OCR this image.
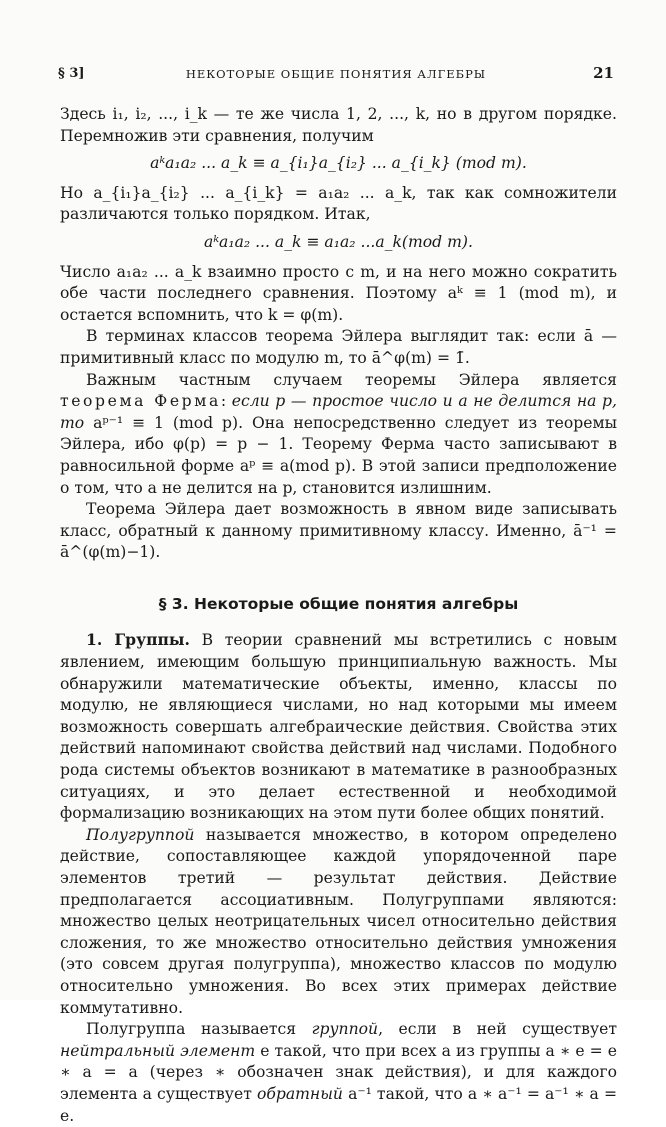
§ 3]	НЕКОТОРЫЕ ОБЩИЕ ПОНЯТИЯ АЛГЕБРЫ	21

Здесь i₁, i₂, ..., i_k — те же числа 1, 2, ..., k, но в другом порядке. Перемножив эти сравнения, получим

aᵏa₁a₂ ... a_k ≡ a_{i₁}a_{i₂} ... a_{i_k} (mod m).

Но a_{i₁}a_{i₂} ... a_{i_k} = a₁a₂ ... a_k, так как сомножители различаются только порядком. Итак,

aᵏa₁a₂ ... a_k ≡ a₁a₂ ...a_k(mod m).

Число a₁a₂ ... a_k взаимно просто с m, и на него можно сократить обе части последнего сравнения. Поэтому aᵏ ≡ 1 (mod m), и остается вспомнить, что k = φ(m).

В терминах классов теорема Эйлера выглядит так: если ā — примитивный класс по модулю m, то ā^φ(m) = 1̄.

Важным частным случаем теоремы Эйлера является теорема Ферма: если p — простое число и a не делится на p, то aᵖ⁻¹ ≡ 1 (mod p). Она непосредственно следует из теоремы Эйлера, ибо φ(p) = p − 1. Теорему Ферма часто записывают в равносильной форме aᵖ ≡ a(mod p). В этой записи предположение о том, что a не делится на p, становится излишним.

Теорема Эйлера дает возможность в явном виде записывать класс, обратный к данному примитивному классу. Именно, ā⁻¹ = ā^(φ(m)−1).

§ 3. Некоторые общие понятия алгебры

1. Группы. В теории сравнений мы встретились с новым явлением, имеющим большую принципиальную важность. Мы обнаружили математические объекты, именно, классы по модулю, не являющиеся числами, но над которыми мы имеем возможность совершать алгебраические действия. Свойства этих действий напоминают свойства действий над числами. Подобного рода системы объектов возникают в математике в разнообразных ситуациях, и это делает естественной и необходимой формализацию возникающих на этом пути более общих понятий.

Полугруппой называется множество, в котором определено действие, сопоставляющее каждой упорядоченной паре элементов третий — результат действия. Действие предполагается ассоциативным. Полугруппами являются: множество целых неотрицательных чисел относительно действия сложения, то же множество относительно действия умножения (это совсем другая полугруппа), множество классов по модулю относительно умножения. Во всех этих примерах действие коммутативно.

Полугруппа называется группой, если в ней существует нейтральный элемент e такой, что при всех a из группы a ∗ e = e ∗ a = a (через ∗ обозначен знак действия), и для каждого элемента a существует обратный a⁻¹ такой, что a ∗ a⁻¹ = a⁻¹ ∗ a = e.
